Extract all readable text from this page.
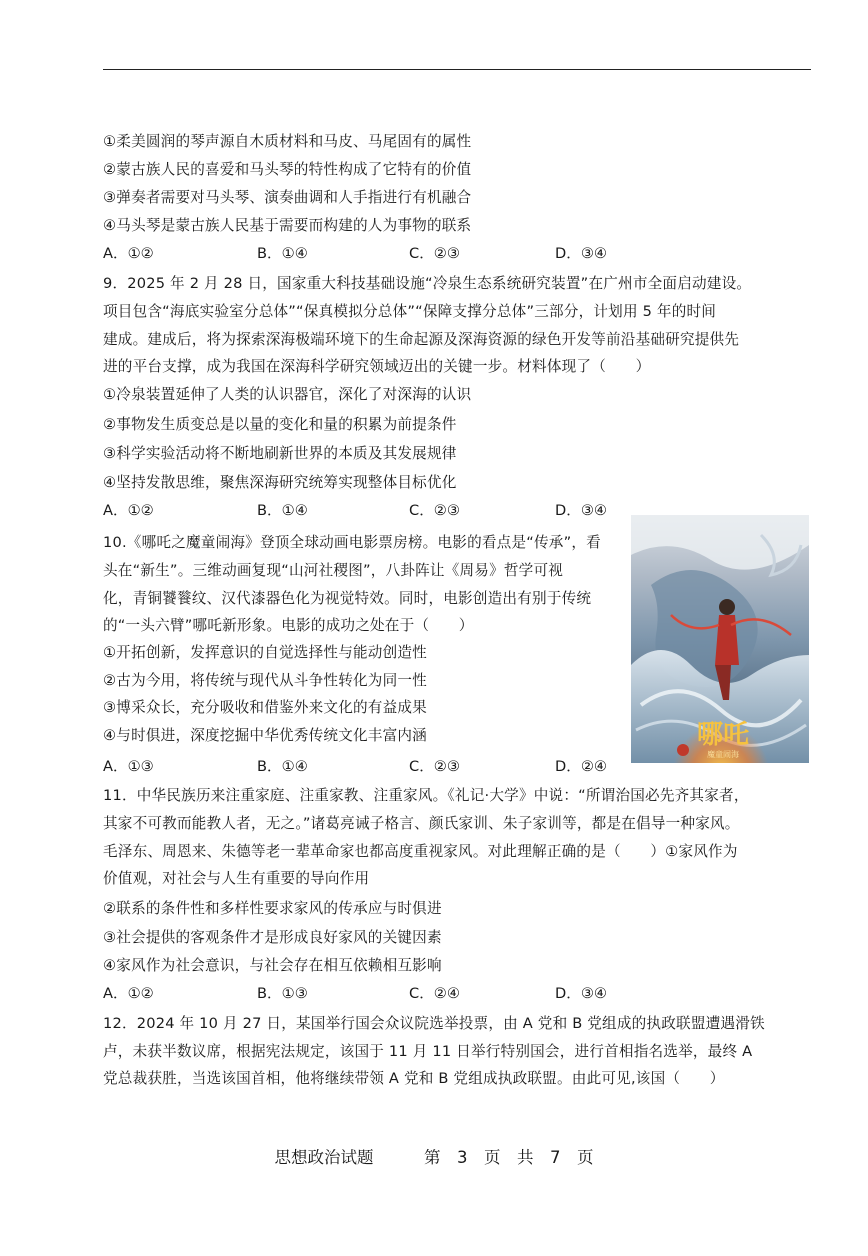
①柔美圆润的琴声源自木质材料和马皮、马尾固有的属性
②蒙古族人民的喜爱和马头琴的特性构成了它特有的价值
③弹奏者需要对马头琴、演奏曲调和人手指进行有机融合
④马头琴是蒙古族人民基于需要而构建的人为事物的联系
A．①②	B．①④	C．②③	D．③④
9．2025 年 2 月 28 日，国家重大科技基础设施“冷泉生态系统研究装置”在广州市全面启动建设。
项目包含“海底实验室分总体”“保真模拟分总体”“保障支撑分总体”三部分，计划用 5 年的时间
建成。建成后，将为探索深海极端环境下的生命起源及深海资源的绿色开发等前沿基础研究提供先
进的平台支撑，成为我国在深海科学研究领域迈出的关键一步。材料体现了（　　）
①冷泉装置延伸了人类的认识器官，深化了对深海的认识
②事物发生质变总是以量的变化和量的积累为前提条件
③科学实验活动将不断地刷新世界的本质及其发展规律
④坚持发散思维，聚焦深海研究统筹实现整体目标优化
A．①②	B．①④	C．②③	D．③④
10.《哪吒之魔童闹海》登顶全球动画电影票房榜。电影的看点是“传承”，看
头在“新生”。三维动画复现“山河社稷图”，八卦阵让《周易》哲学可视
化，青铜饕餮纹、汉代漆器色化为视觉特效。同时，电影创造出有别于传统
的“一头六臂”哪吒新形象。电影的成功之处在于（　　）
①开拓创新，发挥意识的自觉选择性与能动创造性
②古为今用，将传统与现代从斗争性转化为同一性
③博采众长，充分吸收和借鉴外来文化的有益成果
④与时俱进，深度挖掘中华优秀传统文化丰富内涵
A．①③	B．①④	C．②③	D．②④
哪吒
魔童闹海
11．中华民族历来注重家庭、注重家教、注重家风。《礼记·大学》中说：“所谓治国必先齐其家者，
其家不可教而能教人者，无之。”诸葛亮诫子格言、颜氏家训、朱子家训等，都是在倡导一种家风。
毛泽东、周恩来、朱德等老一辈革命家也都高度重视家风。对此理解正确的是（　　）①家风作为
价值观，对社会与人生有重要的导向作用
②联系的条件性和多样性要求家风的传承应与时俱进
③社会提供的客观条件才是形成良好家风的关键因素
④家风作为社会意识，与社会存在相互依赖相互影响
A．①②	B．①③	C．②④	D．③④
12．2024 年 10 月 27 日，某国举行国会众议院选举投票，由 A 党和 B 党组成的执政联盟遭遇滑铁
卢，未获半数议席，根据宪法规定，该国于 11 月 11 日举行特别国会，进行首相指名选举，最终 A
党总裁获胜，当选该国首相，他将继续带领 A 党和 B 党组成执政联盟。由此可见,该国（　　）
思想政治试题	第　3　页　共　7　页
